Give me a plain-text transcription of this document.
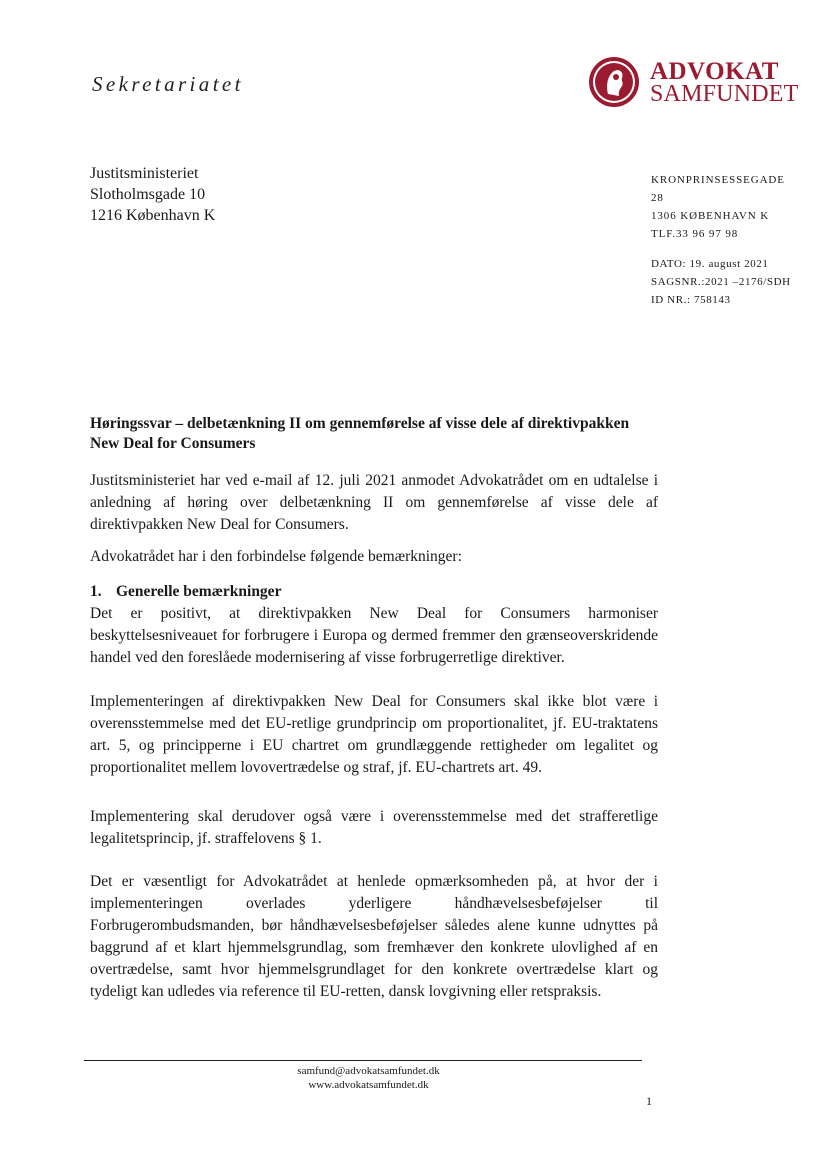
Sekretariatet	ADVOKAT
SAMFUNDET
Justitsministeriet
Slotholmsgade 10
1216 København K
KRONPRINSESSEGADE
28
1306 KØBENHAVN K
TLF.33 96 97 98
DATO: 19. august 2021
SAGSNR.:2021 –2176/SDH
ID NR.: 758143
Høringssvar – delbetænkning II om gennemførelse af visse dele af direktivpakken New Deal for Consumers
Justitsministeriet har ved e-mail af 12. juli 2021 anmodet Advokatrådet om en udtalelse i anledning af høring over delbetænkning II om gennemførelse af visse dele af direktivpakken New Deal for Consumers.
Advokatrådet har i den forbindelse følgende bemærkninger:
1. Generelle bemærkninger
Det er positivt, at direktivpakken New Deal for Consumers harmoniser beskyttelsesniveauet for forbrugere i Europa og dermed fremmer den grænseoverskridende handel ved den foreslåede modernisering af visse forbrugerretlige direktiver.
Implementeringen af direktivpakken New Deal for Consumers skal ikke blot være i overensstemmelse med det EU-retlige grundprincip om proportionalitet, jf. EU-traktatens art. 5, og principperne i EU chartret om grundlæggende rettigheder om legalitet og proportionalitet mellem lovovertrædelse og straf, jf. EU-chartrets art. 49.
Implementering skal derudover også være i overensstemmelse med det strafferetlige legalitetsprincip, jf. straffelovens § 1.
Det er væsentligt for Advokatrådet at henlede opmærksomheden på, at hvor der i implementeringen overlades yderligere håndhævelsesbeføjelser til Forbrugerombudsmanden, bør håndhævelsesbeføjelser således alene kunne udnyttes på baggrund af et klart hjemmelsgrundlag, som fremhæver den konkrete ulovlighed af en overtrædelse, samt hvor hjemmelsgrundlaget for den konkrete overtrædelse klart og tydeligt kan udledes via reference til EU-retten, dansk lovgivning eller retspraksis.
samfund@advokatsamfundet.dk
www.advokatsamfundet.dk
1
